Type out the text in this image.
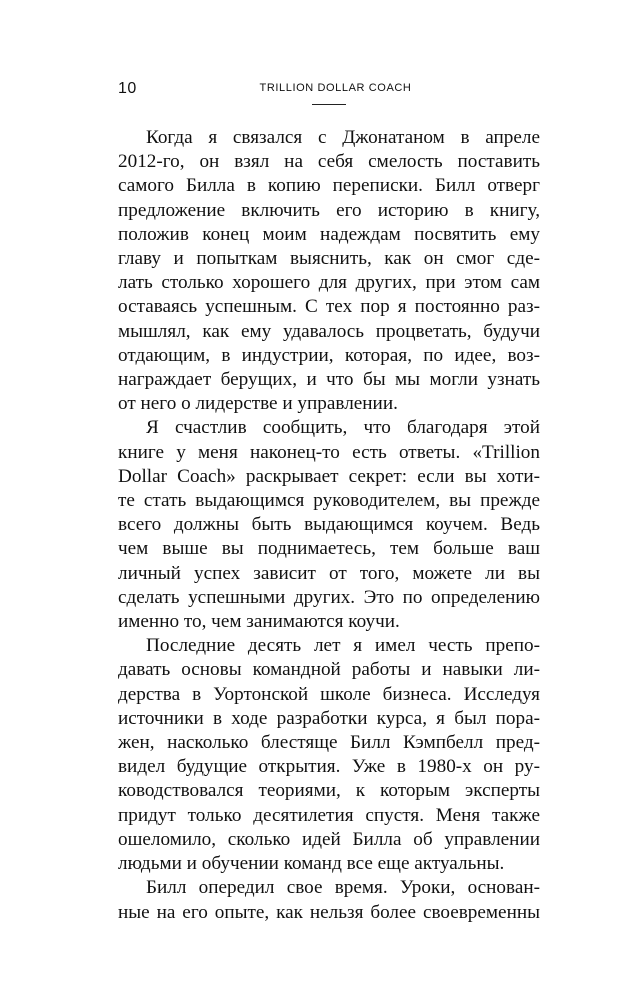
10	TRILLION DOLLAR COACH
Когда я связался с Джонатаном в апреле
2012-го, он взял на себя смелость поставить
самого Билла в копию переписки. Билл отверг
предложение включить его историю в книгу,
положив конец моим надеждам посвятить ему
главу и попыткам выяснить, как он смог сде-
лать столько хорошего для других, при этом сам
оставаясь успешным. С тех пор я постоянно раз-
мышлял, как ему удавалось процветать, будучи
отдающим, в индустрии, которая, по идее, воз-
награждает берущих, и что бы мы могли узнать
от него о лидерстве и управлении.
Я счастлив сообщить, что благодаря этой
книге у меня наконец-то есть ответы. «Trillion
Dollar Coach» раскрывает секрет: если вы хоти-
те стать выдающимся руководителем, вы прежде
всего должны быть выдающимся коучем. Ведь
чем выше вы поднимаетесь, тем больше ваш
личный успех зависит от того, можете ли вы
сделать успешными других. Это по определению
именно то, чем занимаются коучи.
Последние десять лет я имел честь препо-
давать основы командной работы и навыки ли-
дерства в Уортонской школе бизнеса. Исследуя
источники в ходе разработки курса, я был пора-
жен, насколько блестяще Билл Кэмпбелл пред-
видел будущие открытия. Уже в 1980-х он ру-
ководствовался теориями, к которым эксперты
придут только десятилетия спустя. Меня также
ошеломило, сколько идей Билла об управлении
людьми и обучении команд все еще актуальны.
Билл опередил свое время. Уроки, основан-
ные на его опыте, как нельзя более своевременны
